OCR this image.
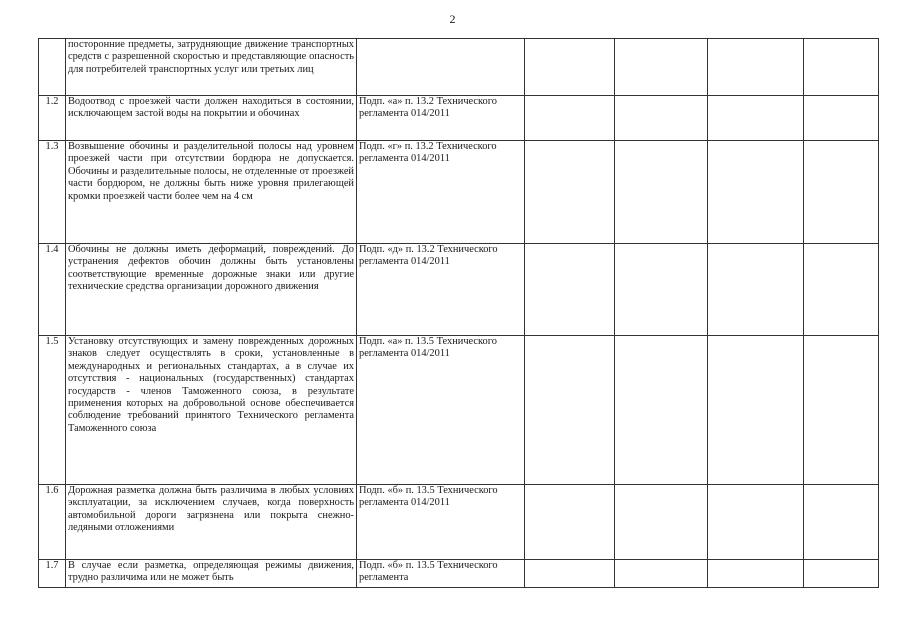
2
	посторонние предметы, затрудняющие движение транспортных средств с разрешенной скоростью и представляющие опасность для потребителей транспортных услуг или третьих лиц					
1.2	Водоотвод с проезжей части должен находиться в состоянии, исключающем застой воды на покрытии и обочинах	Подп. «а» п. 13.2 Технического регламента 014/2011				
1.3	Возвышение обочины и разделительной полосы над уровнем проезжей части при отсутствии бордюра не допускается. Обочины и разделительные полосы, не отделенные от проезжей части бордюром, не должны быть ниже уровня прилегающей кромки проезжей части более чем на 4 см	Подп. «г» п. 13.2 Технического регламента 014/2011				
1.4	Обочины не должны иметь деформаций, повреждений. До устранения дефектов обочин должны быть установлены соответствующие временные дорожные знаки или другие технические средства организации дорожного движения	Подп. «д» п. 13.2 Технического регламента 014/2011				
1.5	Установку отсутствующих и замену поврежденных дорожных знаков следует осуществлять в сроки, установленные в международных и региональных стандартах, а в случае их отсутствия - национальных (государственных) стандартах государств - членов Таможенного союза, в результате применения которых на добровольной основе обеспечивается соблюдение требований принятого Технического регламента Таможенного союза	Подп. «а» п. 13.5 Технического регламента 014/2011				
1.6	Дорожная разметка должна быть различима в любых условиях эксплуатации, за исключением случаев, когда поверхность автомобильной дороги загрязнена или покрыта снежно-ледяными отложениями	Подп. «б» п. 13.5 Технического регламента 014/2011				
1.7	В случае если разметка, определяющая режимы движения, трудно различима или не может быть	Подп. «б» п. 13.5 Технического регламента				
